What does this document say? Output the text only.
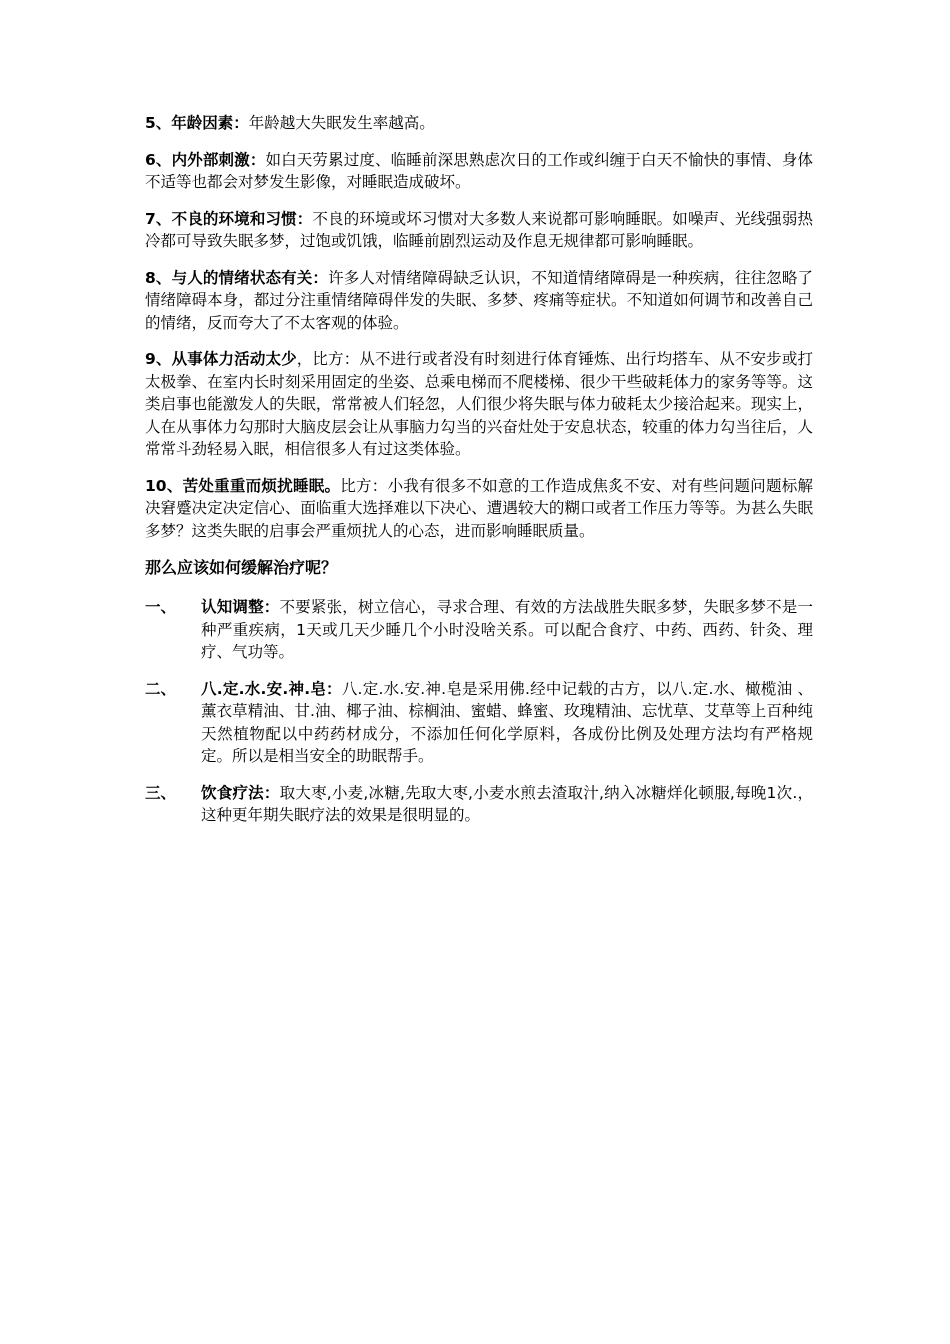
5、年龄因素：年龄越大失眠发生率越高。

6、内外部刺激：如白天劳累过度、临睡前深思熟虑次日的工作或纠缠于白天不愉快的事情、身体不适等也都会对梦发生影像，对睡眠造成破坏。

7、不良的环境和习惯：不良的环境或坏习惯对大多数人来说都可影响睡眠。如噪声、光线强弱热冷都可导致失眠多梦，过饱或饥饿，临睡前剧烈运动及作息无规律都可影响睡眠。

8、与人的情绪状态有关：许多人对情绪障碍缺乏认识，不知道情绪障碍是一种疾病，往往忽略了情绪障碍本身，都过分注重情绪障碍伴发的失眠、多梦、疼痛等症状。不知道如何调节和改善自己的情绪，反而夸大了不太客观的体验。

9、从事体力活动太少，比方：从不进行或者没有时刻进行体育锤炼、出行均搭车、从不安步或打太极拳、在室内长时刻采用固定的坐姿、总乘电梯而不爬楼梯、很少干些破耗体力的家务等等。这类启事也能激发人的失眠，常常被人们轻忽，人们很少将失眠与体力破耗太少接洽起来。现实上，人在从事体力勾那时大脑皮层会让从事脑力勾当的兴奋灶处于安息状态，较重的体力勾当往后，人常常斗劲轻易入眠，相信很多人有过这类体验。

10、苦处重重而烦扰睡眠。比方：小我有很多不如意的工作造成焦炙不安、对有些问题问题标解决窘蹙决定决定信心、面临重大选择难以下决心、遭遇较大的糊口或者工作压力等等。为甚么失眠多梦？这类失眠的启事会严重烦扰人的心态，进而影响睡眠质量。

那么应该如何缓解治疗呢？
一、	认知调整：不要紧张，树立信心，寻求合理、有效的方法战胜失眠多梦，失眠多梦不是一种严重疾病，1天或几天少睡几个小时没啥关系。可以配合食疗、中药、西药、针灸、理疗、气功等。
二、	八.定.水.安.神.皂：八.定.水.安.神.皂是采用佛.经中记载的古方，以八.定.水、橄榄油 、薰衣草精油、甘.油、椰子油、棕榈油、蜜蜡、蜂蜜、玫瑰精油、忘忧草、艾草等上百种纯天然植物配以中药药材成分，不添加任何化学原料，各成份比例及处理方法均有严格规定。所以是相当安全的助眠帮手。
三、	饮食疗法：取大枣,小麦,冰糖,先取大枣,小麦水煎去渣取汁,纳入冰糖烊化顿服,每晚1次.，这种更年期失眠疗法的效果是很明显的。
